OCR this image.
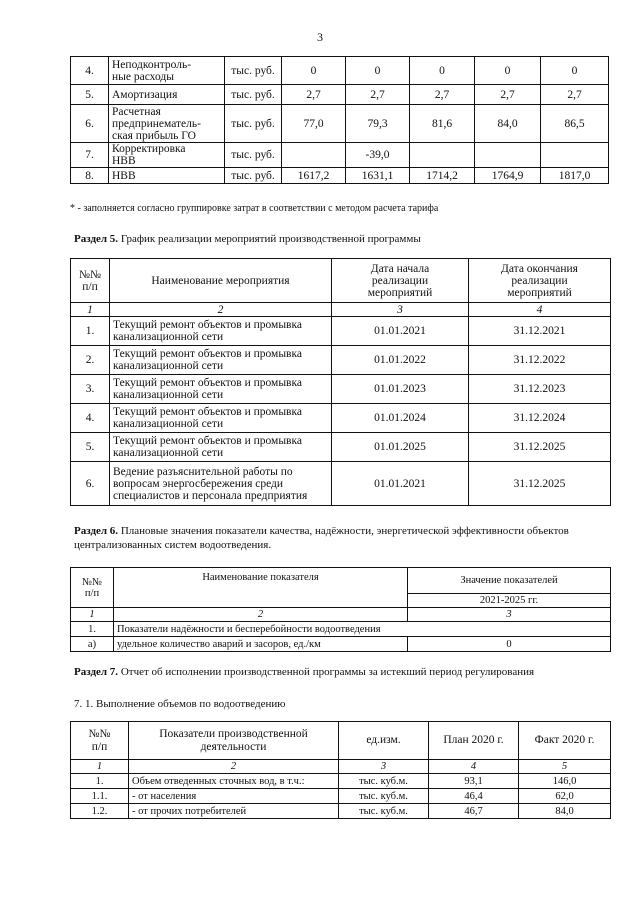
3
4.	Неподконтроль-
ные расходы	тыс. руб.	0	0	0	0	0
5.	Амортизация	тыс. руб.	2,7	2,7	2,7	2,7	2,7
6.	Расчетная
предпринематель-
ская прибыль ГО	тыс. руб.	77,0	79,3	81,6	84,0	86,5
7.	Корректировка
НВВ	тыс. руб.		-39,0			
8.	НВВ	тыс. руб.	1617,2	1631,1	1714,2	1764,9	1817,0
* - заполняется согласно группировке затрат в соответствии с методом расчета тарифа
Раздел 5. График реализации мероприятий производственной программы
№№
п/п	Наименование мероприятия	Дата начала
реализации
мероприятий	Дата окончания
реализации
мероприятий
1	2	3	4
1.	Текущий ремонт объектов и промывка канализационной сети	01.01.2021	31.12.2021
2.	Текущий ремонт объектов и промывка канализационной сети	01.01.2022	31.12.2022
3.	Текущий ремонт объектов и промывка канализационной сети	01.01.2023	31.12.2023
4.	Текущий ремонт объектов и промывка канализационной сети	01.01.2024	31.12.2024
5.	Текущий ремонт объектов и промывка канализационной сети	01.01.2025	31.12.2025
6.	Ведение разъяснительной работы по вопросам энергосбережения среди специалистов и персонала предприятия	01.01.2021	31.12.2025
Раздел 6. Плановые значения показатели качества, надёжности, энергетической эффективности объектов централизованных систем водоотведения.
№№
п/п	Наименование показателя	Значение показателей
		2021-2025 гг.
1	2	3
1.	Показатели надёжности и бесперебойности водоотведения	
а)	удельное количество аварий и засоров, ед./км	0
Раздел 7. Отчет об исполнении производственной программы за истекший период регулирования
7. 1. Выполнение объемов по водоотведению
№№
п/п	Показатели производственной
деятельности	ед.изм.	План 2020 г.	Факт 2020 г.
1	2	3	4	5
1.	Объем отведенных сточных вод, в т.ч.:	тыс. куб.м.	93,1	146,0
1.1.	- от населения	тыс. куб.м.	46,4	62,0
1.2.	- от прочих потребителей	тыс. куб.м.	46,7	84,0
